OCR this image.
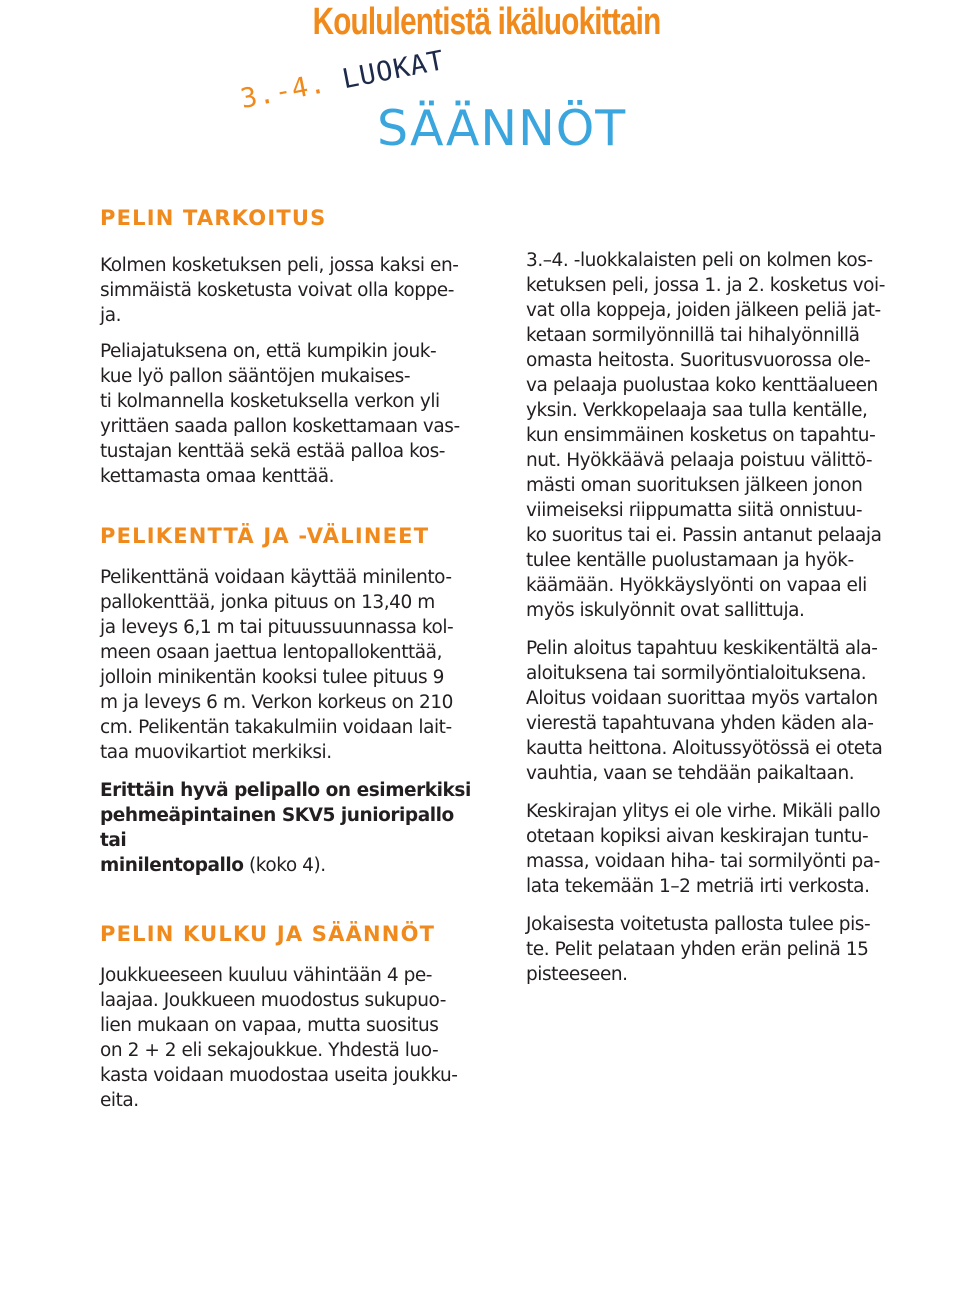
Koululentistä ikäluokittain
3.-4. LUOKAT
SÄÄNNÖT
PELIN TARKOITUS

Kolmen kosketuksen peli, jossa kaksi en-
simmäistä kosketusta voivat olla koppe-
ja.

Peliajatuksena on, että kumpikin jouk-
kue lyö pallon sääntöjen mukaises-
ti kolmannella kosketuksella verkon yli
yrittäen saada pallon koskettamaan vas-
tustajan kenttää sekä estää palloa kos-
kettamasta omaa kenttää.

PELIKENTTÄ JA -VÄLINEET

Pelikenttänä voidaan käyttää minilento-
pallokenttää, jonka pituus on 13,40 m
ja leveys 6,1 m tai pituussuunnassa kol-
meen osaan jaettua lentopallokenttää,
jolloin minikentän kooksi tulee pituus 9
m ja leveys 6 m. Verkon korkeus on 210
cm. Pelikentän takakulmiin voidaan lait-
taa muovikartiot merkiksi.

Erittäin hyvä pelipallo on esimerkiksi
pehmeäpintainen SKV5 junioripallo tai
minilentopallo (koko 4).

PELIN KULKU JA SÄÄNNÖT

Joukkueeseen kuuluu vähintään 4 pe-
laajaa. Joukkueen muodostus sukupuo-
lien mukaan on vapaa, mutta suositus
on 2 + 2 eli sekajoukkue. Yhdestä luo-
kasta voidaan muodostaa useita joukku-
eita.

3.–4. -luokkalaisten peli on kolmen kos-
ketuksen peli, jossa 1. ja 2. kosketus voi-
vat olla koppeja, joiden jälkeen peliä jat-
ketaan sormilyönnillä tai hihalyönnillä
omasta heitosta. Suoritusvuorossa ole-
va pelaaja puolustaa koko kenttäalueen
yksin. Verkkopelaaja saa tulla kentälle,
kun ensimmäinen kosketus on tapahtu-
nut. Hyökkäävä pelaaja poistuu välittö-
mästi oman suorituksen jälkeen jonon
viimeiseksi riippumatta siitä onnistuu-
ko suoritus tai ei. Passin antanut pelaaja
tulee kentälle puolustamaan ja hyök-
käämään. Hyökkäyslyönti on vapaa eli
myös iskulyönnit ovat sallittuja.

Pelin aloitus tapahtuu keskikentältä ala-
aloituksena tai sormilyöntialoituksena.
Aloitus voidaan suorittaa myös vartalon
vierestä tapahtuvana yhden käden ala-
kautta heittona. Aloitussyötössä ei oteta
vauhtia, vaan se tehdään paikaltaan.

Keskirajan ylitys ei ole virhe. Mikäli pallo
otetaan kopiksi aivan keskirajan tuntu-
massa, voidaan hiha- tai sormilyönti pa-
lata tekemään 1–2 metriä irti verkosta.

Jokaisesta voitetusta pallosta tulee pis-
te. Pelit pelataan yhden erän pelinä 15
pisteeseen.
